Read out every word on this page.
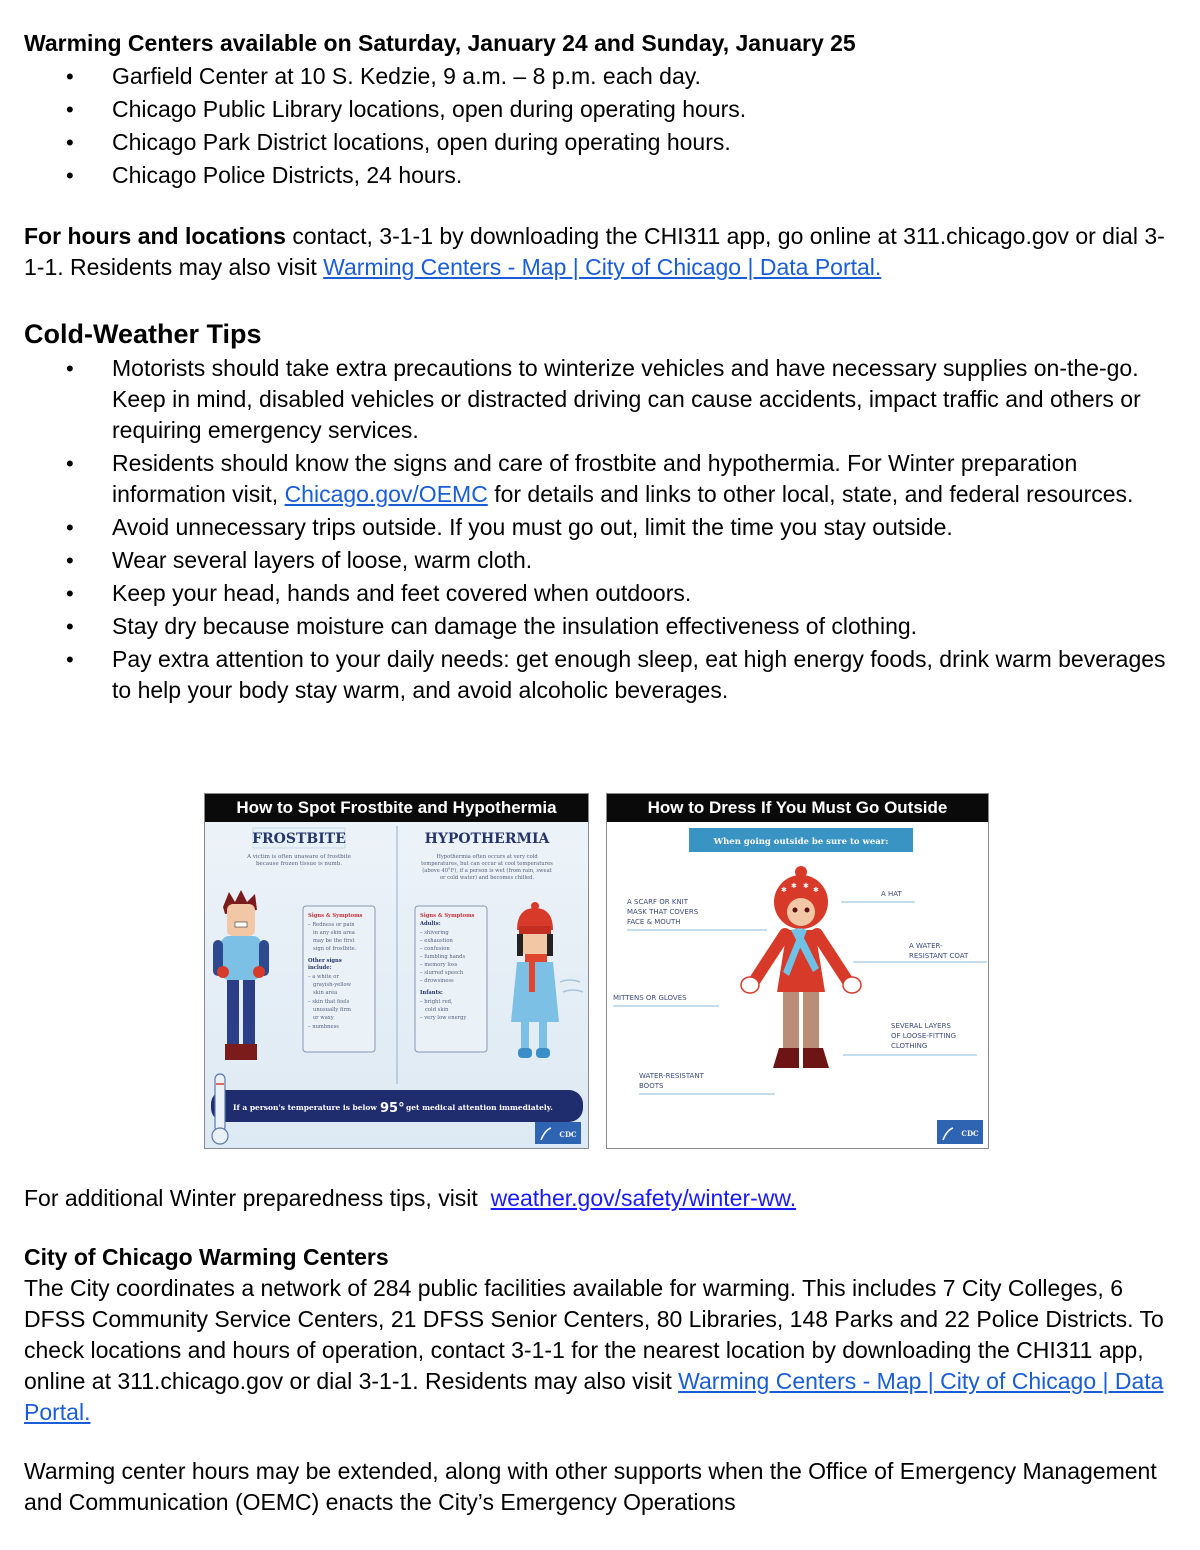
Warming Centers available on Saturday, January 24 and Sunday, January 25
• Garfield Center at 10 S. Kedzie, 9 a.m. – 8 p.m. each day.
• Chicago Public Library locations, open during operating hours.
• Chicago Park District locations, open during operating hours.
• Chicago Police Districts, 24 hours.

For hours and locations contact, 3-1-1 by downloading the CHI311 app, go online at 311.chicago.gov or dial 3-1-1. Residents may also visit Warming Centers - Map | City of Chicago | Data Portal.

Cold-Weather Tips
• Motorists should take extra precautions to winterize vehicles and have necessary supplies on-the-go. Keep in mind, disabled vehicles or distracted driving can cause accidents, impact traffic and others or requiring emergency services.
• Residents should know the signs and care of frostbite and hypothermia. For Winter preparation information visit, Chicago.gov/OEMC for details and links to other local, state, and federal resources.
• Avoid unnecessary trips outside. If you must go out, limit the time you stay outside.
• Wear several layers of loose, warm cloth.
• Keep your head, hands and feet covered when outdoors.
• Stay dry because moisture can damage the insulation effectiveness of clothing.
• Pay extra attention to your daily needs: get enough sleep, eat high energy foods, drink warm beverages to help your body stay warm, and avoid alcoholic beverages.
How to Spot Frostbite and Hypothermia
FROSTBITE	HYPOTHERMIA
A victim is often unaware of frostbite
because frozen tissue is numb.
Hypothermia often occurs at very cold
temperatures, but can occur at cool temperatures
(above 40°F), if a person is wet (from rain, sweat
or cold water) and becomes chilled.
Signs & Symptoms
– Redness or pain
in any skin area
may be the first
sign of frostbite.
Other signs
include:
– a white or
grayish-yellow
skin area
– skin that feels
unusually firm
or waxy
– numbness
Signs & Symptoms
Adults:
– shivering
– exhaustion
– confusion
– fumbling hands
– memory loss
– slurred speech
– drowsiness
Infants:
– bright red,
cold skin
– very low energy
If a person's temperature is below 95° get medical attention immediately.
CDC
How to Dress If You Must Go Outside
When going outside be sure to wear:
✱ ✱ ✱ ✱
A SCARF OR KNIT
MASK THAT COVERS
FACE & MOUTH
A HAT
A WATER-
RESISTANT COAT
MITTENS OR GLOVES
SEVERAL LAYERS
OF LOOSE-FITTING
CLOTHING
WATER-RESISTANT
BOOTS
CDC

For additional Winter preparedness tips, visit  weather.gov/safety/winter-ww.

City of Chicago Warming Centers

The City coordinates a network of 284 public facilities available for warming. This includes 7 City Colleges, 6 DFSS Community Service Centers, 21 DFSS Senior Centers, 80 Libraries, 148 Parks and 22 Police Districts. To check locations and hours of operation, contact 3-1-1 for the nearest location by downloading the CHI311 app, online at 311.chicago.gov or dial 3-1-1. Residents may also visit Warming Centers - Map | City of Chicago | Data Portal.

Warming center hours may be extended, along with other supports when the Office of Emergency Management and Communication (OEMC) enacts the City’s Emergency Operations
